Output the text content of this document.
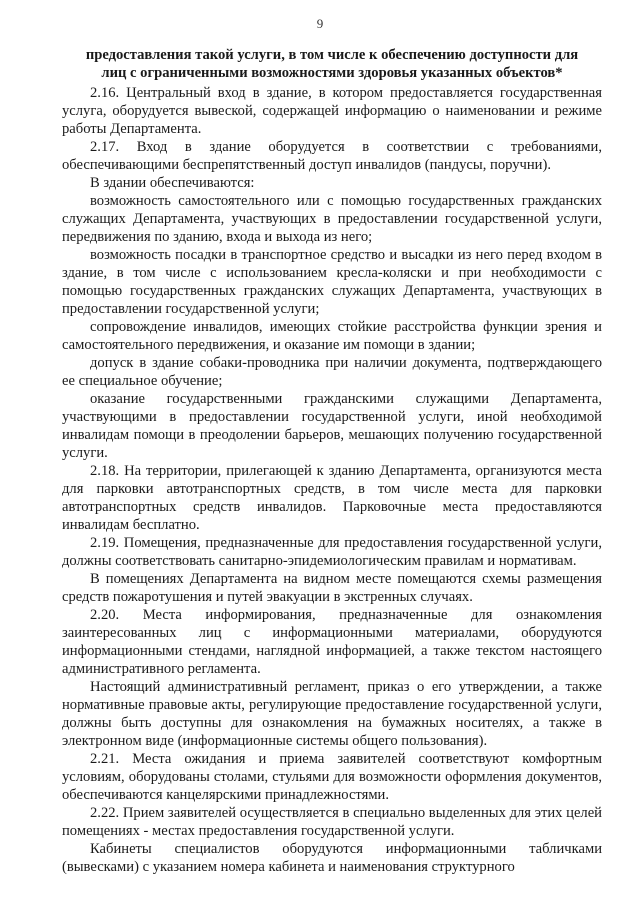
9
предоставления такой услуги, в том числе к обеспечению доступности для
лиц с ограниченными возможностями здоровья указанных объектов*

2.16. Центральный вход в здание, в котором предоставляется государственная услуга, оборудуется вывеской, содержащей информацию о наименовании и режиме работы Департамента.

2.17. Вход в здание оборудуется в соответствии с требованиями, обеспечивающими беспрепятственный доступ инвалидов (пандусы, поручни).

В здании обеспечиваются:

возможность самостоятельного или с помощью государственных гражданских служащих Департамента, участвующих в предоставлении государственной услуги, передвижения по зданию, входа и выхода из него;

возможность посадки в транспортное средство и высадки из него перед входом в здание, в том числе с использованием кресла-коляски и при необходимости с помощью государственных гражданских служащих Департамента, участвующих в предоставлении государственной услуги;

сопровождение инвалидов, имеющих стойкие расстройства функции зрения и самостоятельного передвижения, и оказание им помощи в здании;

допуск в здание собаки-проводника при наличии документа, подтверждающего ее специальное обучение;

оказание государственными гражданскими служащими Департамента, участвующими в предоставлении государственной услуги, иной необходимой инвалидам помощи в преодолении барьеров, мешающих получению государственной услуги.

2.18. На территории, прилегающей к зданию Департамента, организуются места для парковки автотранспортных средств, в том числе места для парковки автотранспортных средств инвалидов. Парковочные места предоставляются инвалидам бесплатно.

2.19. Помещения, предназначенные для предоставления государственной услуги, должны соответствовать санитарно-эпидемиологическим правилам и нормативам.

В помещениях Департамента на видном месте помещаются схемы размещения средств пожаротушения и путей эвакуации в экстренных случаях.

2.20. Места информирования, предназначенные для ознакомления заинтересованных лиц с информационными материалами, оборудуются информационными стендами, наглядной информацией, а также текстом настоящего административного регламента.

Настоящий административный регламент, приказ о его утверждении, а также нормативные правовые акты, регулирующие предоставление государственной услуги, должны быть доступны для ознакомления на бумажных носителях, а также в электронном виде (информационные системы общего пользования).

2.21. Места ожидания и приема заявителей соответствуют комфортным условиям, оборудованы столами, стульями для возможности оформления документов, обеспечиваются канцелярскими принадлежностями.

2.22. Прием заявителей осуществляется в специально выделенных для этих целей помещениях - местах предоставления государственной услуги.

Кабинеты специалистов оборудуются информационными табличками (вывесками) с указанием номера кабинета и наименования структурного
